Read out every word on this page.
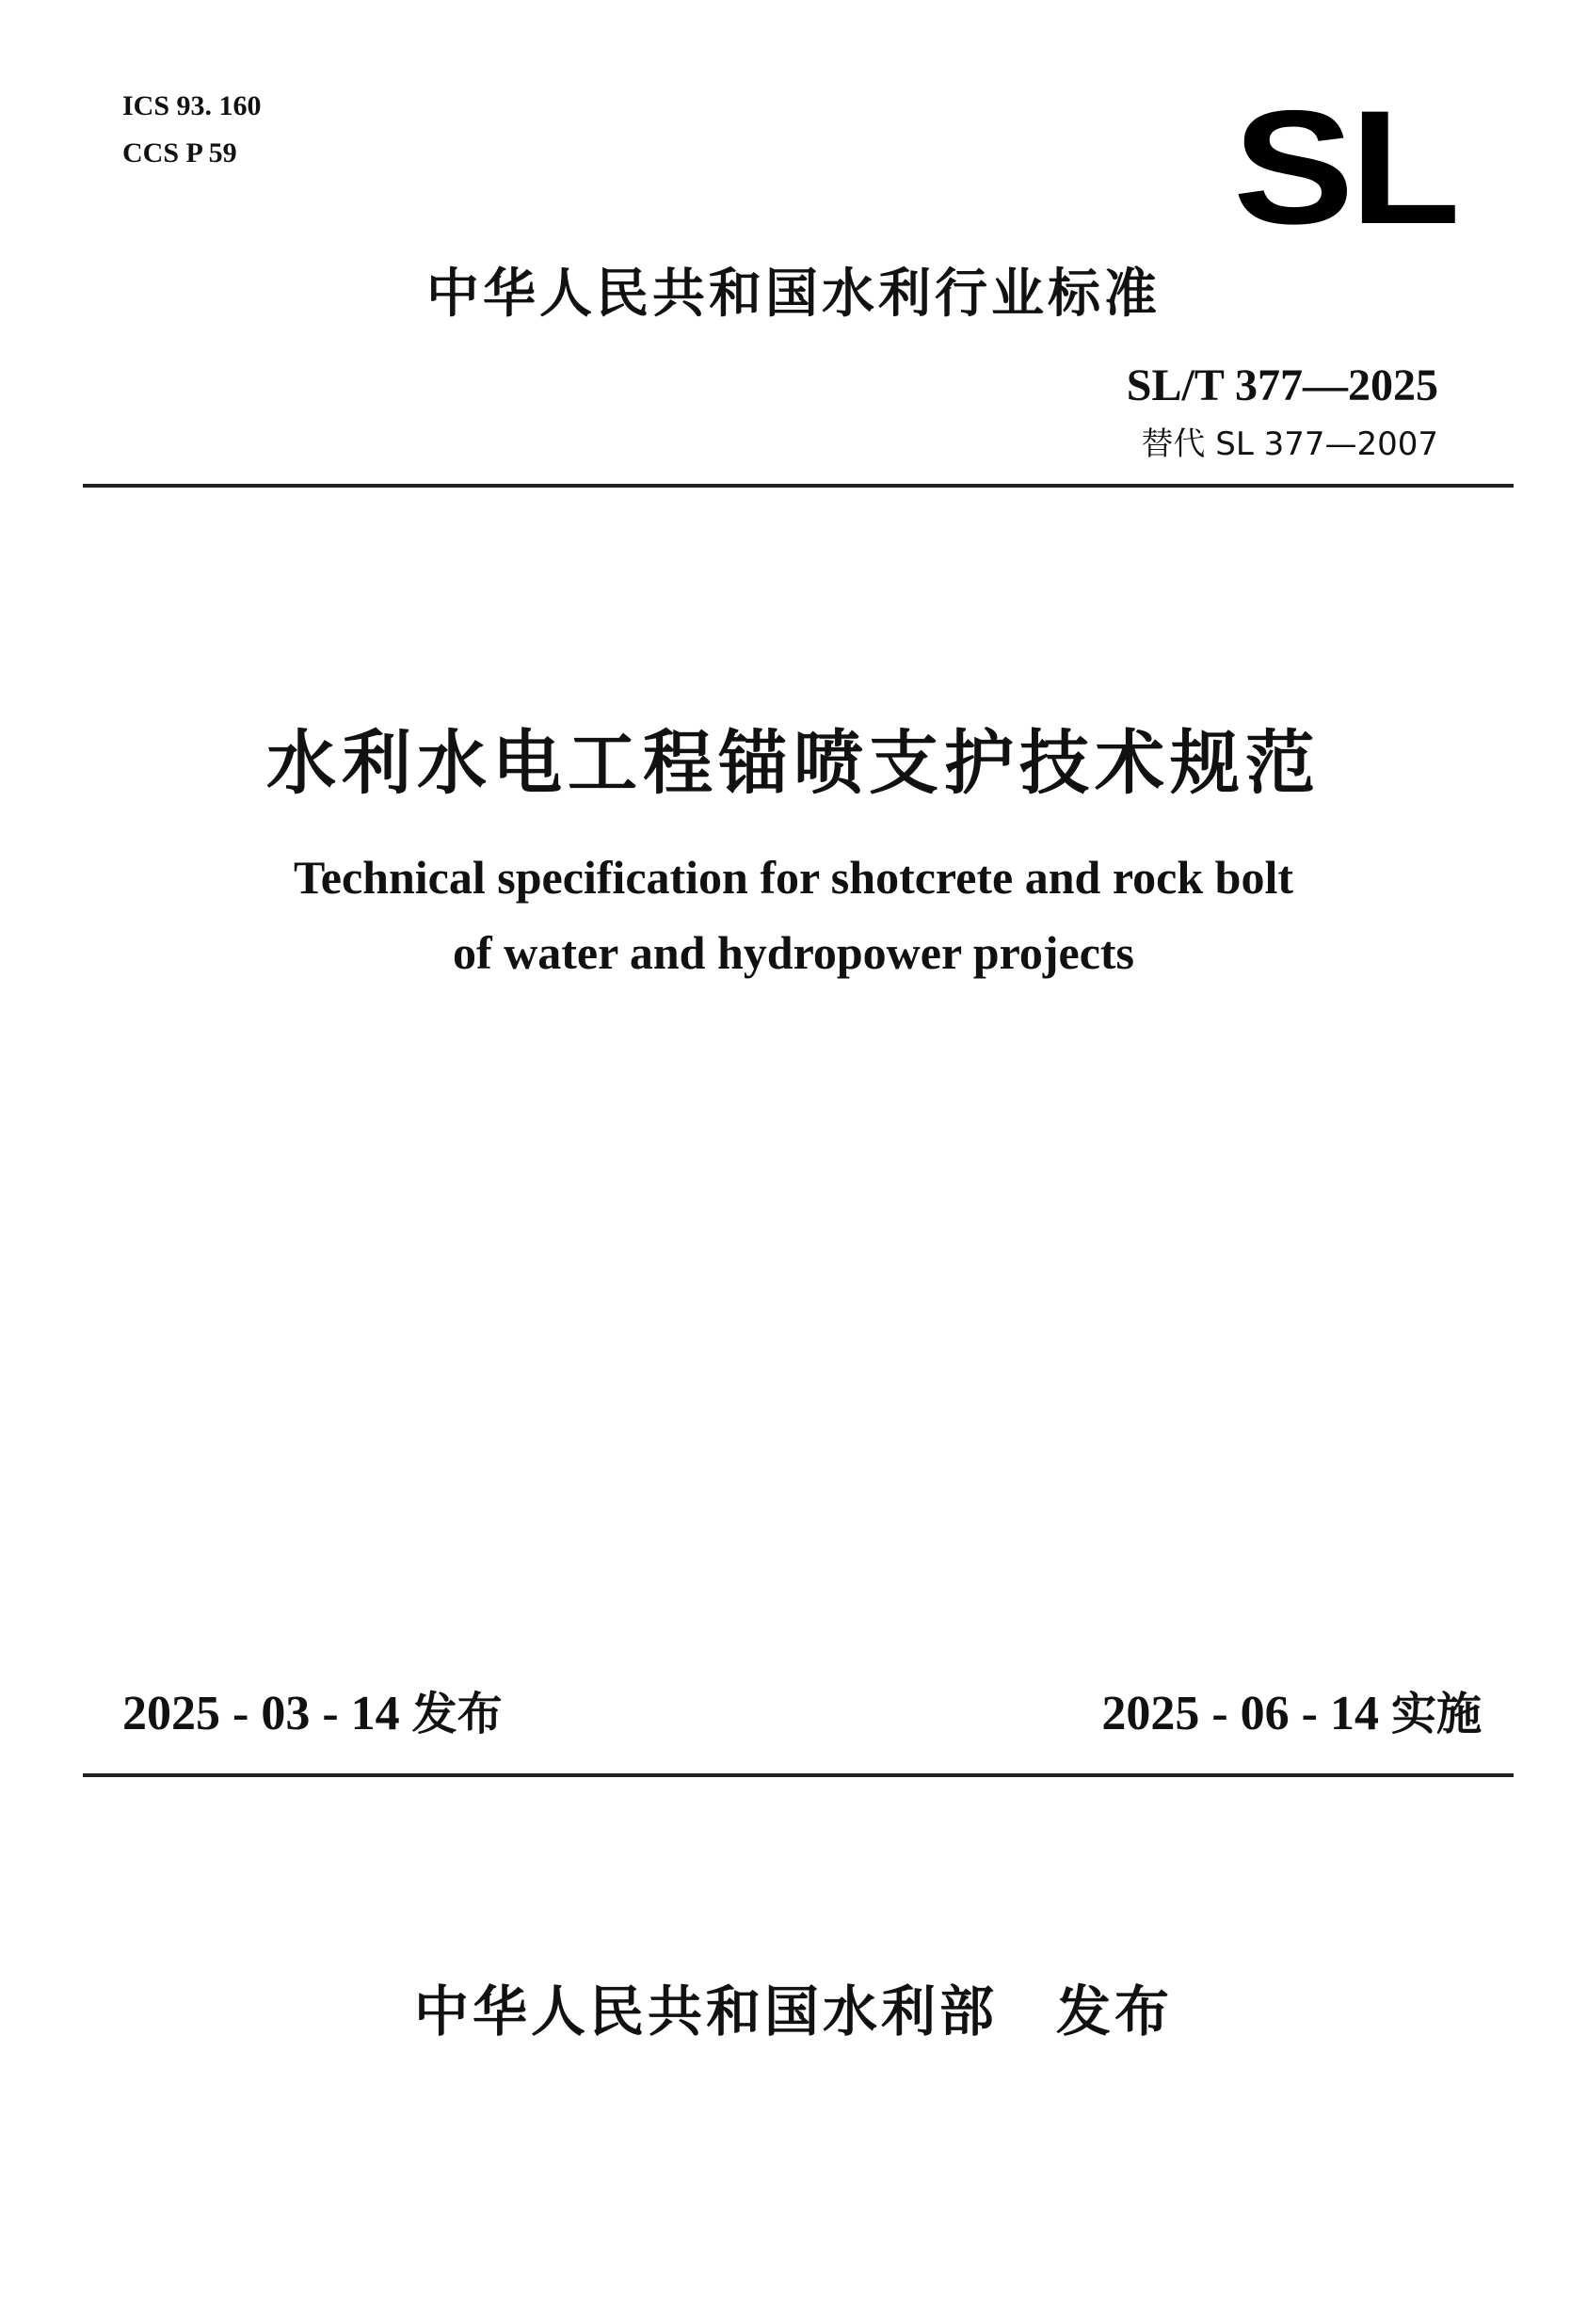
ICS 93. 160
CCS P 59	SL
中华人民共和国水利行业标准
SL/T 377—2025
替代 SL 377—2007
水利水电工程锚喷支护技术规范
Technical specification for shotcrete and rock bolt
of water and hydropower projects
2025 - 03 - 14 发布	2025 - 06 - 14 实施
中华人民共和国水利部　发布
